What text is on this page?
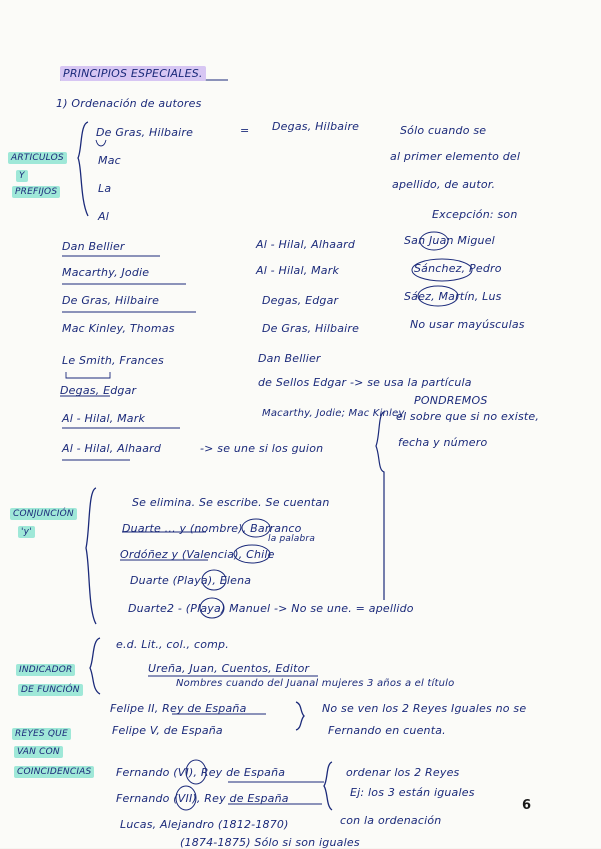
PRINCIPIOS ESPECIALES.
1) Ordenación de autores
ARTICULOS
Y
PREFIJOS
De Gras, Hilbaire	= Degas, Hilbaire
Mac
La
Al
Sólo cuando se
al primer elemento del
apellido, de autor.
Excepción: son
Dan Bellier
Macarthy, Jodie
De Gras, Hilbaire
Mac Kinley, Thomas
Le Smith, Frances
Degas, Edgar
Al - Hilal, Mark
Al - Hilal, Alhaard
Al - Hilal, Alhaard
Al - Hilal, Mark
Degas, Edgar
De Gras, Hilbaire
Dan Bellier
de Sellos Edgar -> se usa la partícula
Macarthy, Jodie; Mac Kinley
-> se une si los guion
San Juan Miguel
Sánchez, Pedro
Sáez, Martín, Lus
No usar mayúsculas
PONDREMOS
el sobre que si no existe,
fecha y número
CONJUNCIÓN
'y'
Se elimina. Se escribe. Se cuentan
Duarte ... y (nombre), Barranco
la palabra
Ordóñez y (Valencia), Chile
Duarte (Playa), Elena
Duarte2 - (Playa) Manuel -> No se une. = apellido
INDICADOR
DE FUNCIÓN
e.d. Lit., col., comp.
Ureña, Juan, Cuentos, Editor
Nombres cuando del Juanal mujeres 3 años a el título
REYES QUE
VAN CON
COINCIDENCIAS
Felipe II, Rey de España
Felipe V, de España
Fernando (VI), Rey de España
Fernando (VII), Rey de España
Lucas, Alejandro (1812-1870)
(1874-1875) Sólo si son iguales
No se ven los 2 Reyes Iguales no se
Fernando en cuenta.
ordenar los 2 Reyes
Ej: los 3 están iguales
con la ordenación
6
